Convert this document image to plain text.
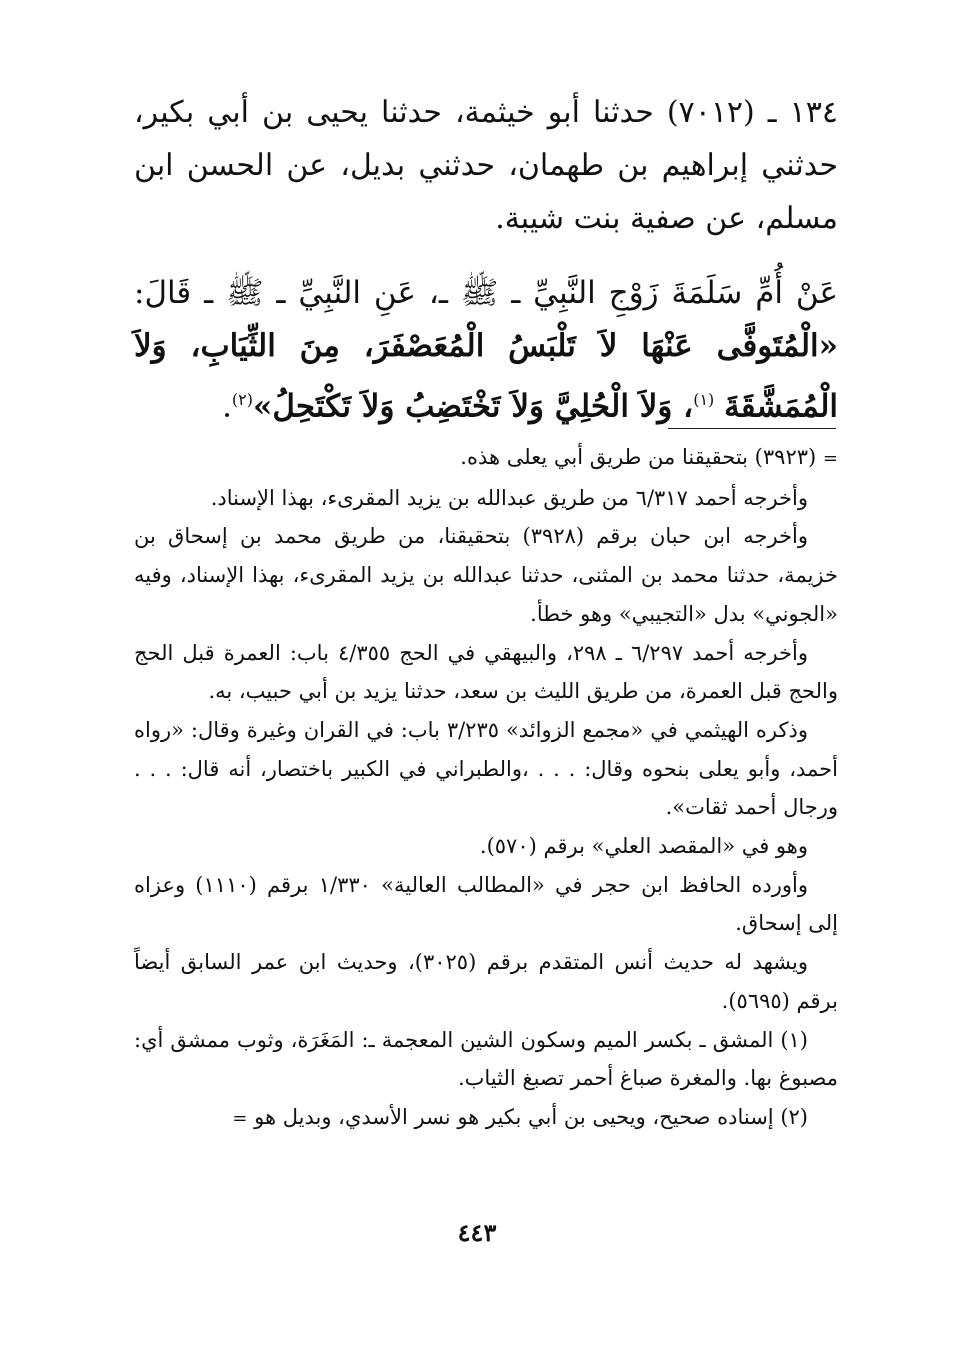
١٣٤ ـ (٧٠١٢) حدثنا أبو خيثمة، حدثنا يحيى بن أبي بكير، حدثني إبراهيم بن طهمان، حدثني بديل، عن الحسن ابن مسلم، عن صفية بنت شيبة.

عَنْ أُمِّ سَلَمَةَ زَوْجِ النَّبِيِّ ـ ﷺ ـ، عَنِ النَّبِيِّ ـ ﷺ ـ قَالَ: «الْمُتَوفَّى عَنْهَا لاَ تَلْبَسُ الْمُعَصْفَرَ، مِنَ الثِّيَابِ، وَلاَ الْمُمَشَّقَةَ $^{(١)}$، وَلاَ الْحُلِيَّ وَلاَ تَخْتَضِبُ وَلاَ تَكْتَحِلُ»$^{(٢)}$.

= (٣٩٢٣) بتحقيقنا من طريق أبي يعلى هذه.

وأخرجه أحمد ٦/٣١٧ من طريق عبدالله بن يزيد المقرىء، بهذا الإسناد.

وأخرجه ابن حبان برقم (٣٩٢٨) بتحقيقنا، من طريق محمد بن إسحاق بن خزيمة، حدثنا محمد بن المثنى، حدثنا عبدالله بن يزيد المقرىء، بهذا الإسناد، وفيه «الجوني» بدل «التجيبي» وهو خطأ.

وأخرجه أحمد ٦/٢٩٧ ـ ٢٩٨، والبيهقي في الحج ٤/٣٥٥ باب: العمرة قبل الحج والحج قبل العمرة، من طريق الليث بن سعد، حدثنا يزيد بن أبي حبيب، به.

وذكره الهيثمي في «مجمع الزوائد» ٣/٢٣٥ باب: في القران وغيرة وقال: «رواه أحمد، وأبو يعلى بنحوه وقال: . . . ،والطبراني في الكبير باختصار، أنه قال: . . . ورجال أحمد ثقات».

وهو في «المقصد العلي» برقم (٥٧٠).

وأورده الحافظ ابن حجر في «المطالب العالية» ١/٣٣٠ برقم (١١١٠) وعزاه إلى إسحاق.

ويشهد له حديث أنس المتقدم برقم (٣٠٢٥)، وحديث ابن عمر السابق أيضاً برقم (٥٦٩٥).

(١) المشق ـ بكسر الميم وسكون الشين المعجمة ـ: المَغَرَة، وثوب ممشق أي: مصبوغ بها. والمغرة صباغ أحمر تصبغ الثياب.

(٢) إسناده صحيح، ويحيى بن أبي بكير هو نسر الأسدي، وبديل هو =

٤٤٣
